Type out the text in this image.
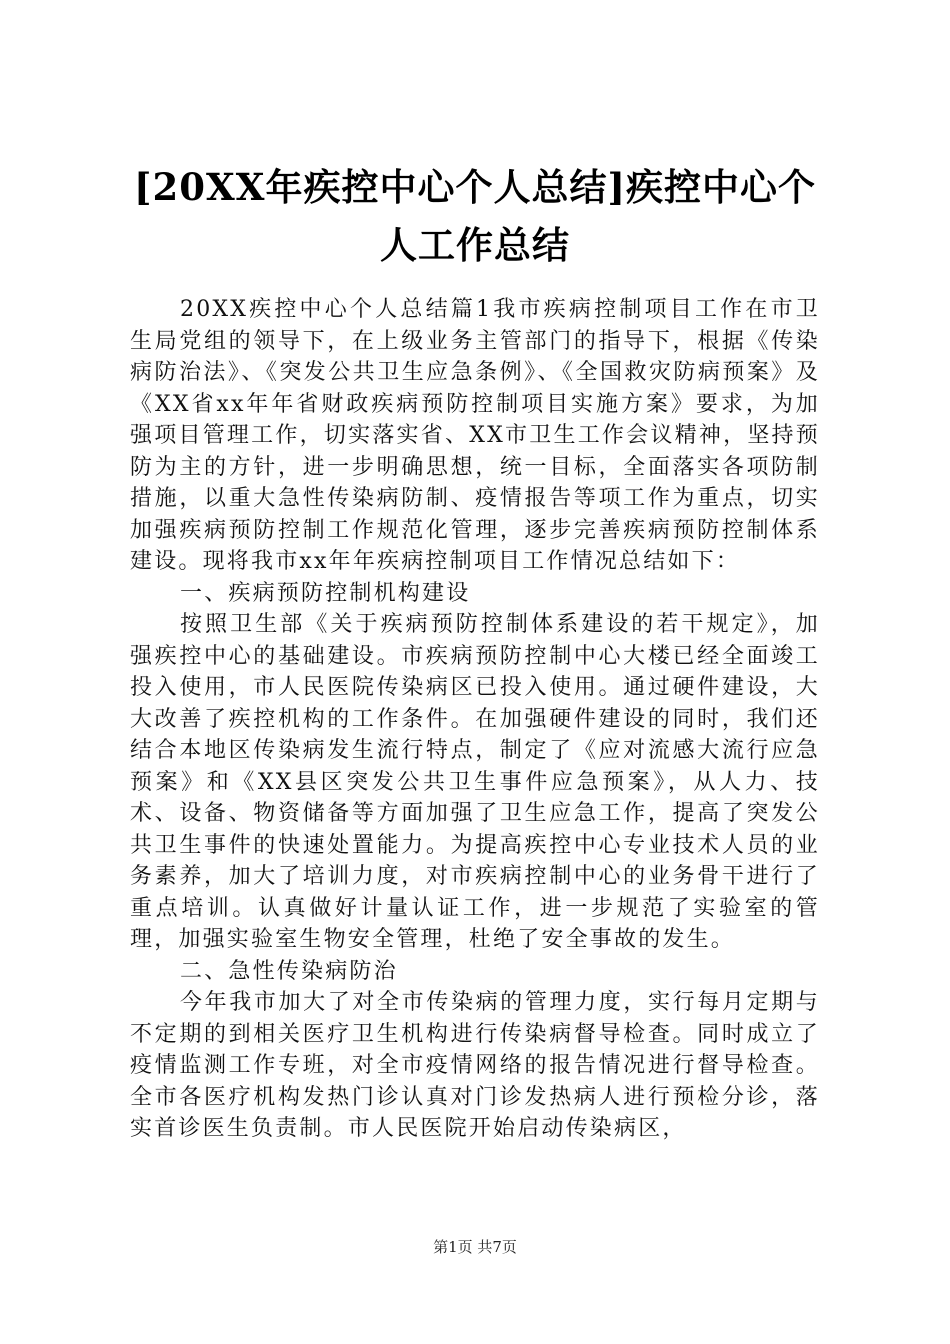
[20XX年疾控中心个人总结]疾控中心个人工作总结

20XX疾控中心个人总结篇1我市疾病控制项目工作在市卫生局党组的领导下，在上级业务主管部门的指导下，根据《传染病防治法》、《突发公共卫生应急条例》、《全国救灾防病预案》及《XX省xx年年省财政疾病预防控制项目实施方案》要求，为加强项目管理工作，切实落实省、XX市卫生工作会议精神，坚持预防为主的方针，进一步明确思想，统一目标，全面落实各项防制措施，以重大急性传染病防制、疫情报告等项工作为重点，切实加强疾病预防控制工作规范化管理，逐步完善疾病预防控制体系建设。现将我市xx年年疾病控制项目工作情况总结如下：

一、疾病预防控制机构建设

按照卫生部《关于疾病预防控制体系建设的若干规定》，加强疾控中心的基础建设。市疾病预防控制中心大楼已经全面竣工投入使用，市人民医院传染病区已投入使用。通过硬件建设，大大改善了疾控机构的工作条件。在加强硬件建设的同时，我们还结合本地区传染病发生流行特点，制定了《应对流感大流行应急预案》和《XX县区突发公共卫生事件应急预案》，从人力、技术、设备、物资储备等方面加强了卫生应急工作，提高了突发公共卫生事件的快速处置能力。为提高疾控中心专业技术人员的业务素养，加大了培训力度，对市疾病控制中心的业务骨干进行了重点培训。认真做好计量认证工作，进一步规范了实验室的管理，加强实验室生物安全管理，杜绝了安全事故的发生。

二、急性传染病防治

今年我市加大了对全市传染病的管理力度，实行每月定期与不定期的到相关医疗卫生机构进行传染病督导检查。同时成立了疫情监测工作专班，对全市疫情网络的报告情况进行督导检查。全市各医疗机构发热门诊认真对门诊发热病人进行预检分诊，落实首诊医生负责制。市人民医院开始启动传染病区，

第1页 共7页
